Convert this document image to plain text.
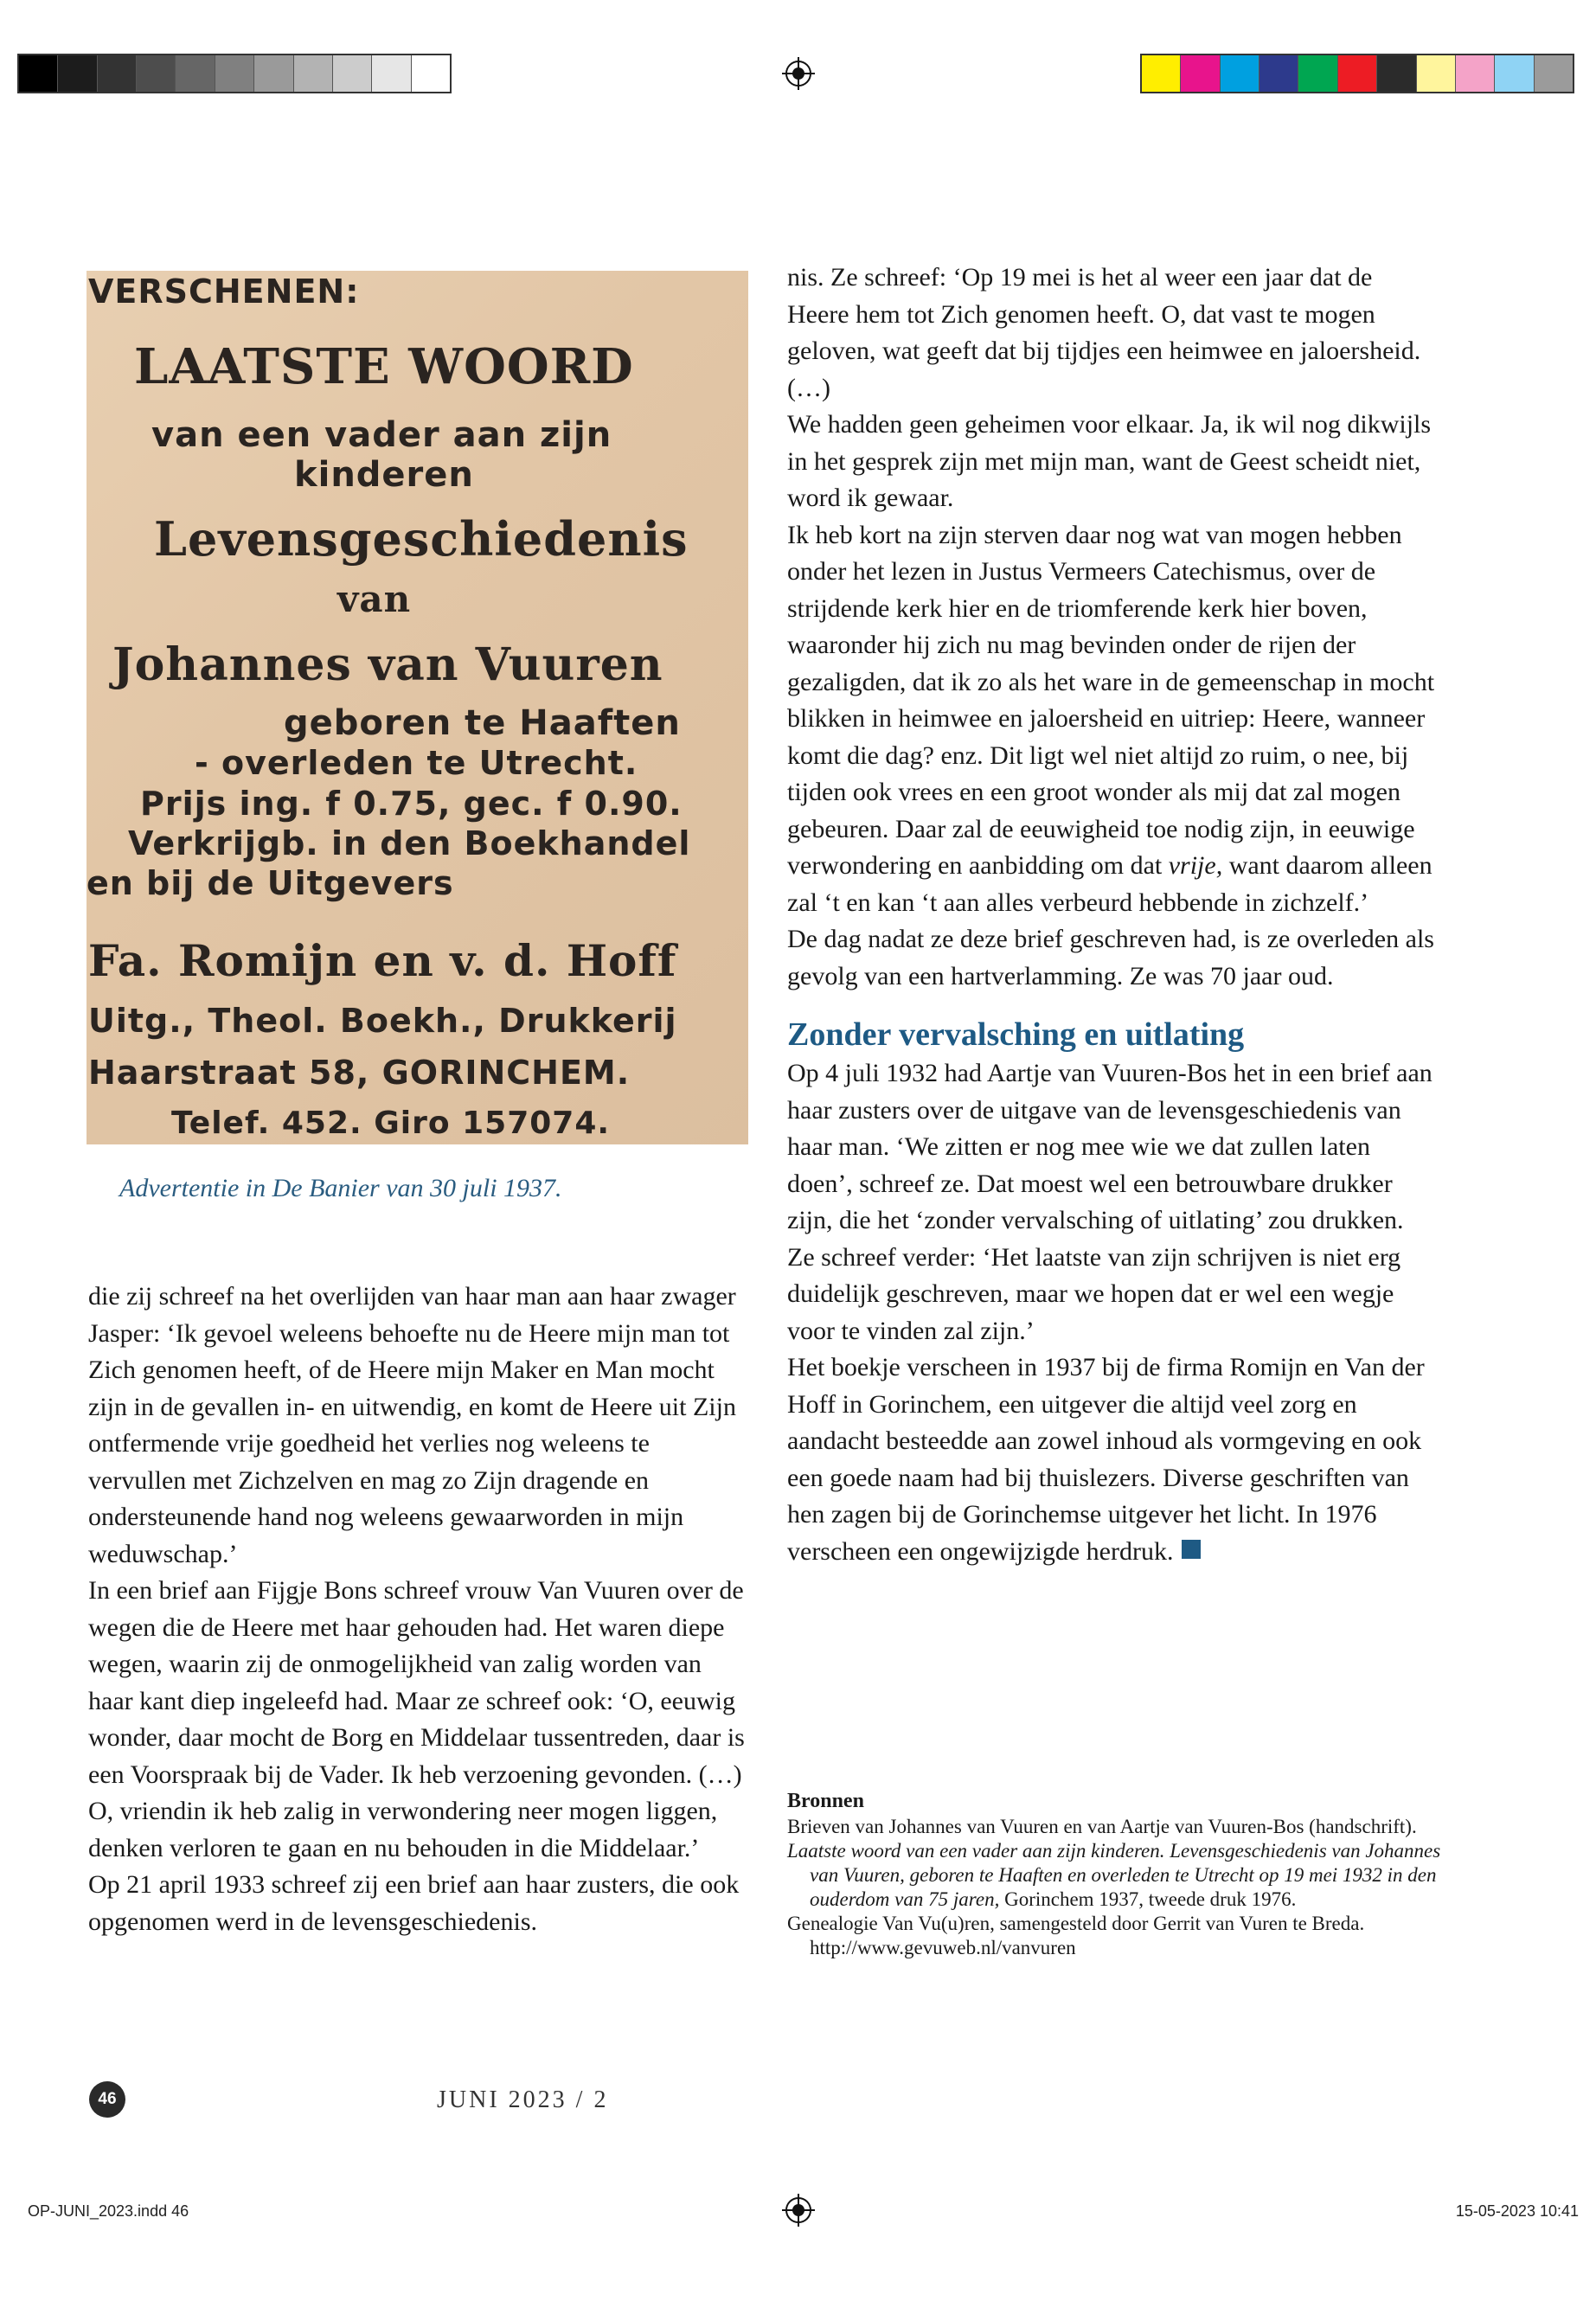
VERSCHENEN:
LAATSTE WOORD
van een vader aan zijn
kinderen
Levensgeschiedenis
van
Johannes van Vuuren
geboren te Haaften
- overleden te Utrecht.
Prijs ing. f 0.75, gec. f 0.90.
Verkrijgb. in den Boekhandel
en bij de Uitgevers
Fa. Romijn en v. d. Hoff
Uitg., Theol. Boekh., Drukkerij
Haarstraat 58, GORINCHEM.
Telef. 452. Giro 157074.
Advertentie in De Banier van 30 juli 1937.

die zij schreef na het overlijden van haar man aan haar zwager Jasper: ‘Ik gevoel weleens behoefte nu de Heere mijn man tot Zich genomen heeft, of de Heere mijn Maker en Man mocht zijn in de gevallen in- en uitwendig, en komt de Heere uit Zijn ontfermende vrije goedheid het verlies nog weleens te vervullen met Zichzelven en mag zo Zijn dragende en ondersteunende hand nog weleens gewaarworden in mijn weduwschap.’

In een brief aan Fijgje Bons schreef vrouw Van Vuuren over de wegen die de Heere met haar gehouden had. Het waren diepe wegen, waarin zij de onmogelijkheid van zalig worden van haar kant diep ingeleefd had. Maar ze schreef ook: ‘O, eeuwig wonder, daar mocht de Borg en Middelaar tussentreden, daar is een Voorspraak bij de Vader. Ik heb verzoening gevonden. (…) O, vriendin ik heb zalig in verwondering neer mogen liggen, denken verloren te gaan en nu behouden in die Middelaar.’

Op 21 april 1933 schreef zij een brief aan haar zusters, die ook opgenomen werd in de levensgeschiedenis.

nis. Ze schreef: ‘Op 19 mei is het al weer een jaar dat de Heere hem tot Zich genomen heeft. O, dat vast te mogen geloven, wat geeft dat bij tijdjes een heimwee en jaloersheid. (…)

We hadden geen geheimen voor elkaar. Ja, ik wil nog dikwijls in het gesprek zijn met mijn man, want de Geest scheidt niet, word ik gewaar.

Ik heb kort na zijn sterven daar nog wat van mogen hebben onder het lezen in Justus Vermeers Catechismus, over de strijdende kerk hier en de triomferende kerk hier boven, waaronder hij zich nu mag bevinden onder de rijen der gezaligden, dat ik zo als het ware in de gemeenschap in mocht blikken in heimwee en jaloersheid en uitriep: Heere, wanneer komt die dag? enz. Dit ligt wel niet altijd zo ruim, o nee, bij tijden ook vrees en een groot wonder als mij dat zal mogen gebeuren. Daar zal de eeuwigheid toe nodig zijn, in eeuwige verwondering en aanbidding om dat vrije, want daarom alleen zal ‘t en kan ‘t aan alles verbeurd hebbende in zichzelf.’

De dag nadat ze deze brief geschreven had, is ze overleden als gevolg van een hartverlamming. Ze was 70 jaar oud.

Zonder vervalsching en uitlating

Op 4 juli 1932 had Aartje van Vuuren-Bos het in een brief aan haar zusters over de uitgave van de levensgeschiedenis van haar man. ‘We zitten er nog mee wie we dat zullen laten doen’, schreef ze. Dat moest wel een betrouwbare drukker zijn, die het ‘zonder vervalsching of uitlating’ zou drukken. Ze schreef verder: ‘Het laatste van zijn schrijven is niet erg duidelijk geschreven, maar we hopen dat er wel een wegje voor te vinden zal zijn.’

Het boekje verscheen in 1937 bij de firma Romijn en Van der Hoff in Gorinchem, een uitgever die altijd veel zorg en aandacht besteedde aan zowel inhoud als vormgeving en ook een goede naam had bij thuislezers. Diverse geschriften van hen zagen bij de Gorinchemse uitgever het licht. In 1976 verscheen een ongewijzigde herdruk.

Bronnen
Brieven van Johannes van Vuuren en van Aartje van Vuuren-Bos (handschrift).
Laatste woord van een vader aan zijn kinderen. Levensgeschiedenis van Johannes van Vuuren, geboren te Haaften en overleden te Utrecht op 19 mei 1932 in den ouderdom van 75 jaren, Gorinchem 1937, tweede druk 1976.
Genealogie Van Vu(u)ren, samengesteld door Gerrit van Vuren te Breda. http://www.gevuweb.nl/vanvuren
46	JUNI 2023 / 2
OP-JUNI_2023.indd 46	15-05-2023 10:41
